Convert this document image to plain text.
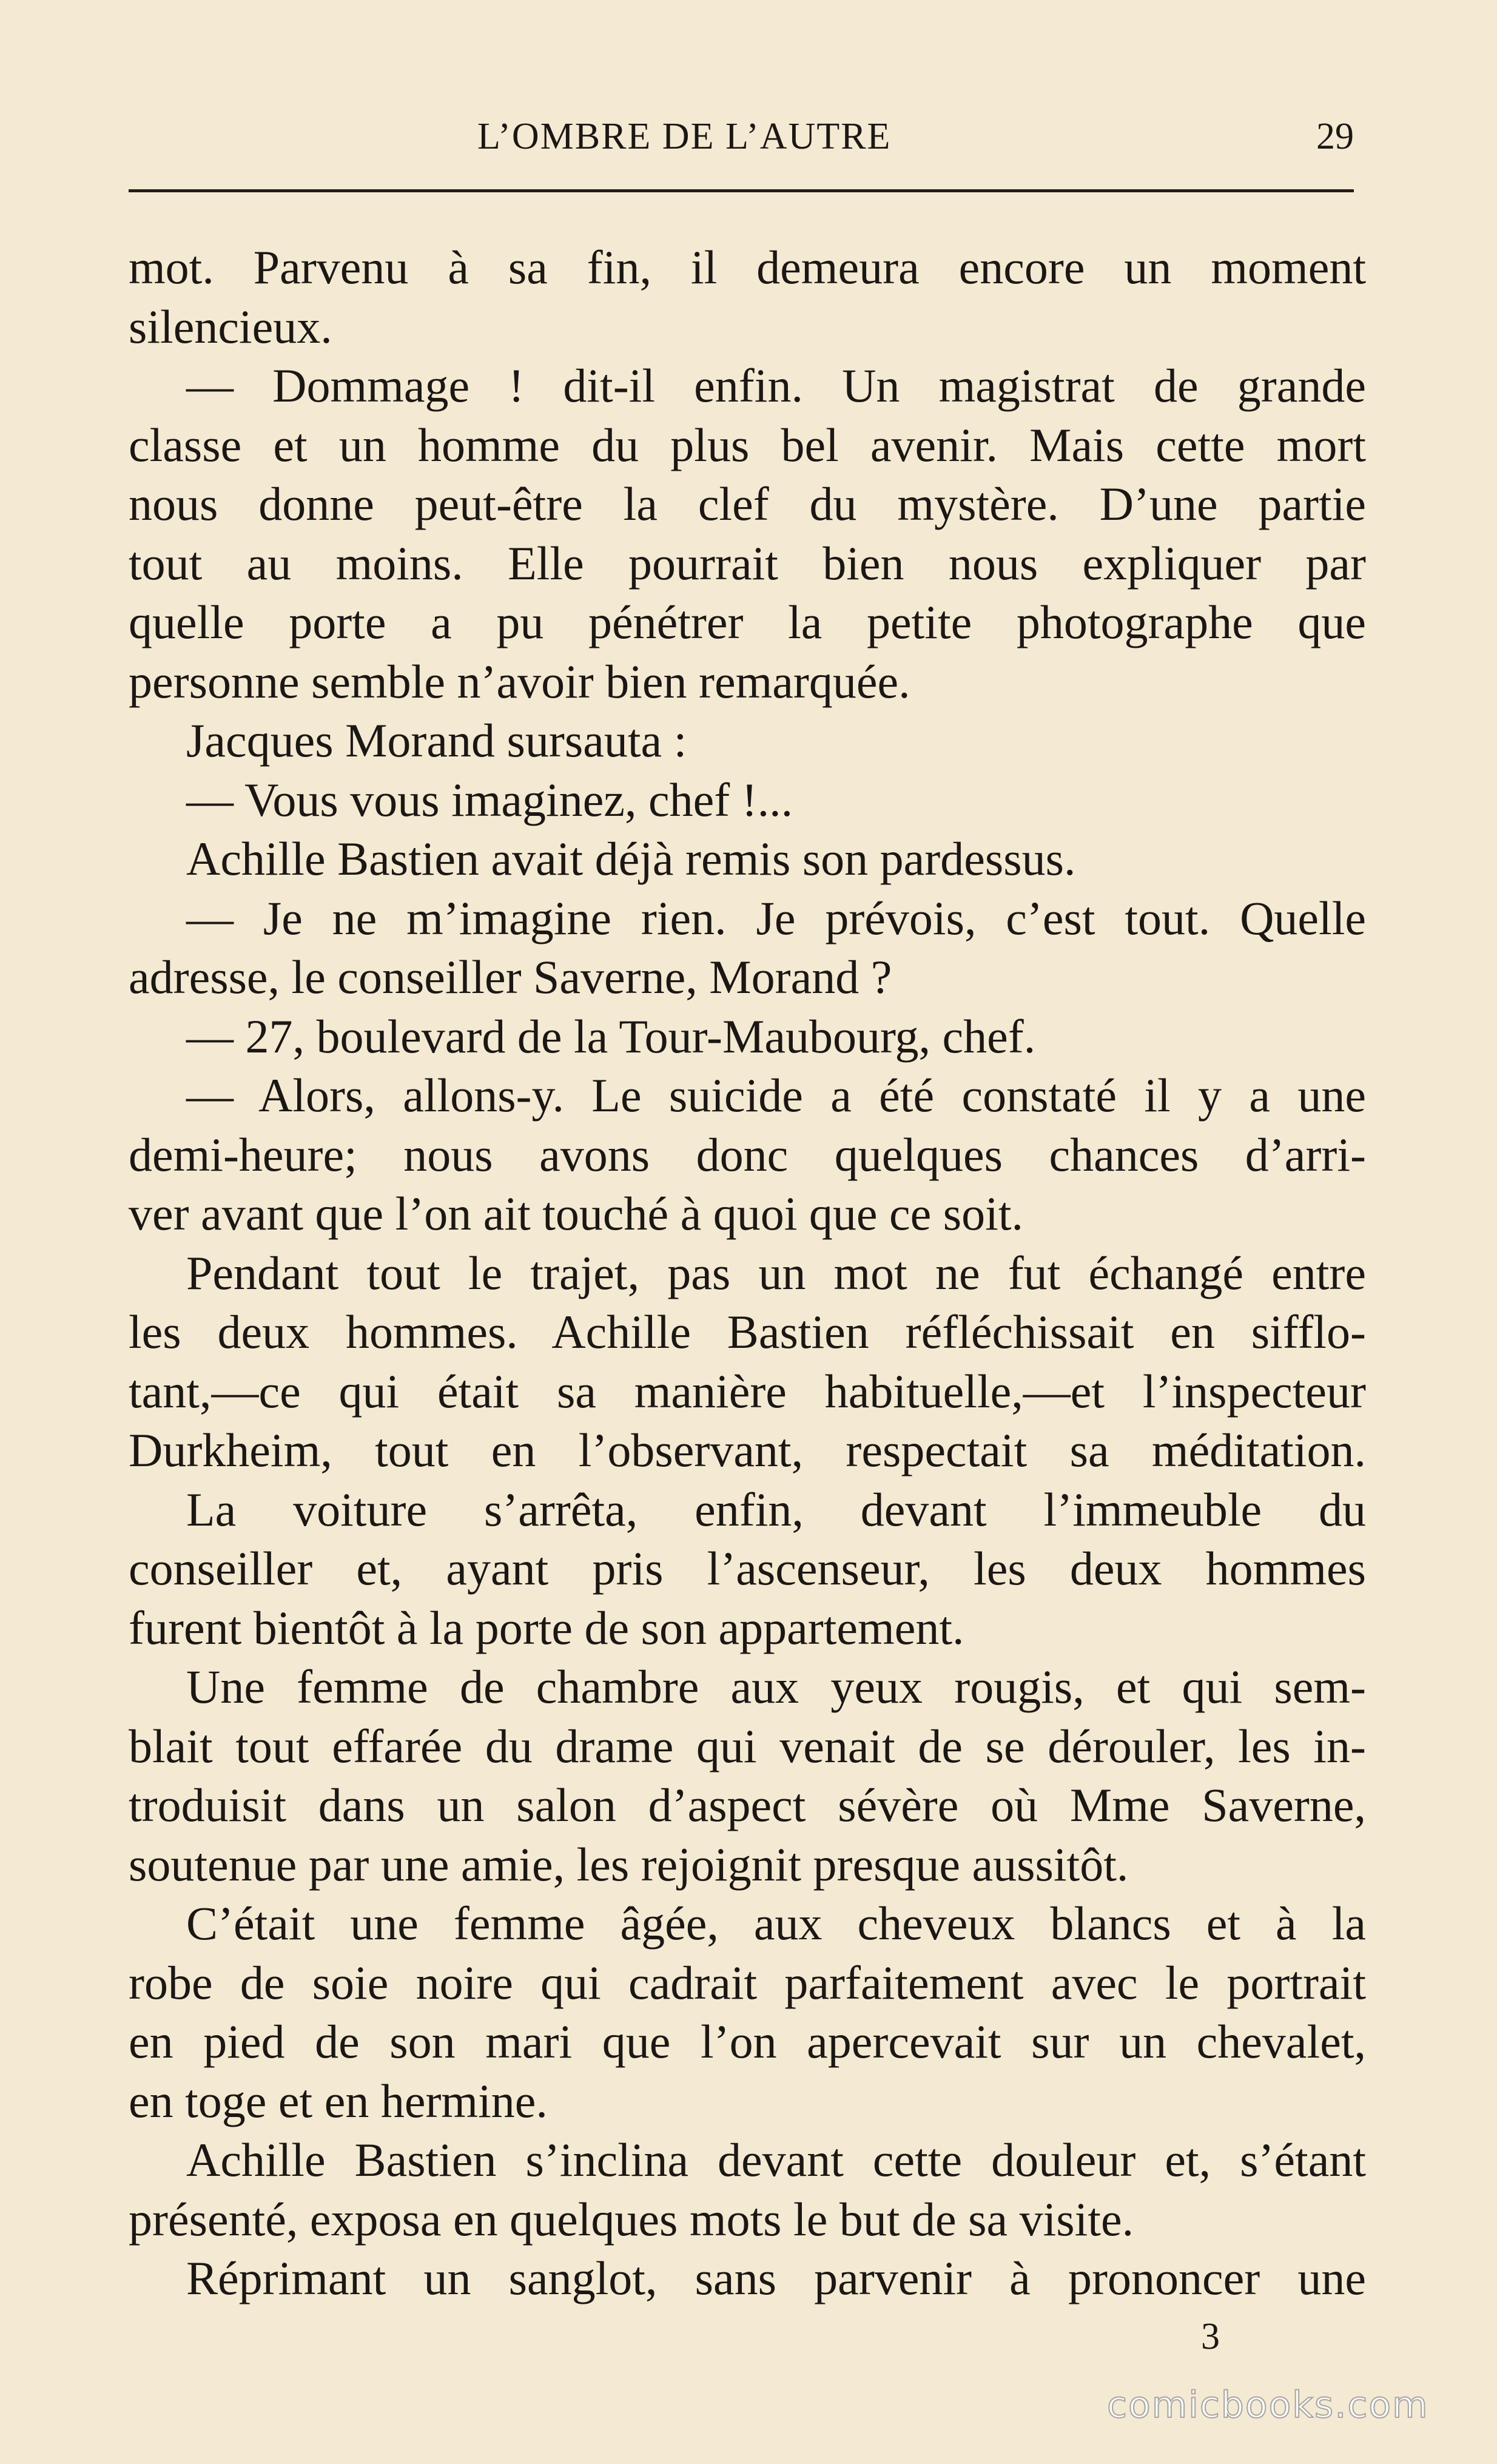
L’OMBRE DE L’AUTRE	29
mot. Parvenu à sa fin, il demeura encore un moment
silencieux.
— Dommage ! dit-il enfin. Un magistrat de grande
classe et un homme du plus bel avenir. Mais cette mort
nous donne peut-être la clef du mystère. D’une partie
tout au moins. Elle pourrait bien nous expliquer par
quelle porte a pu pénétrer la petite photographe que
personne semble n’avoir bien remarquée.
Jacques Morand sursauta :
— Vous vous imaginez, chef !...
Achille Bastien avait déjà remis son pardessus.
— Je ne m’imagine rien. Je prévois, c’est tout. Quelle
adresse, le conseiller Saverne, Morand ?
— 27, boulevard de la Tour-Maubourg, chef.
— Alors, allons-y. Le suicide a été constaté il y a une
demi-heure; nous avons donc quelques chances d’arri-
ver avant que l’on ait touché à quoi que ce soit.
Pendant tout le trajet, pas un mot ne fut échangé entre
les deux hommes. Achille Bastien réfléchissait en sifflo-
tant,—ce qui était sa manière habituelle,—et l’inspecteur
Durkheim, tout en l’observant, respectait sa méditation.
La voiture s’arrêta, enfin, devant l’immeuble du
conseiller et, ayant pris l’ascenseur, les deux hommes
furent bientôt à la porte de son appartement.
Une femme de chambre aux yeux rougis, et qui sem-
blait tout effarée du drame qui venait de se dérouler, les in-
troduisit dans un salon d’aspect sévère où Mme Saverne,
soutenue par une amie, les rejoignit presque aussitôt.
C’était une femme âgée, aux cheveux blancs et à la
robe de soie noire qui cadrait parfaitement avec le portrait
en pied de son mari que l’on apercevait sur un chevalet,
en toge et en hermine.
Achille Bastien s’inclina devant cette douleur et, s’étant
présenté, exposa en quelques mots le but de sa visite.
Réprimant un sanglot, sans parvenir à prononcer une
3
comicbooks.com
